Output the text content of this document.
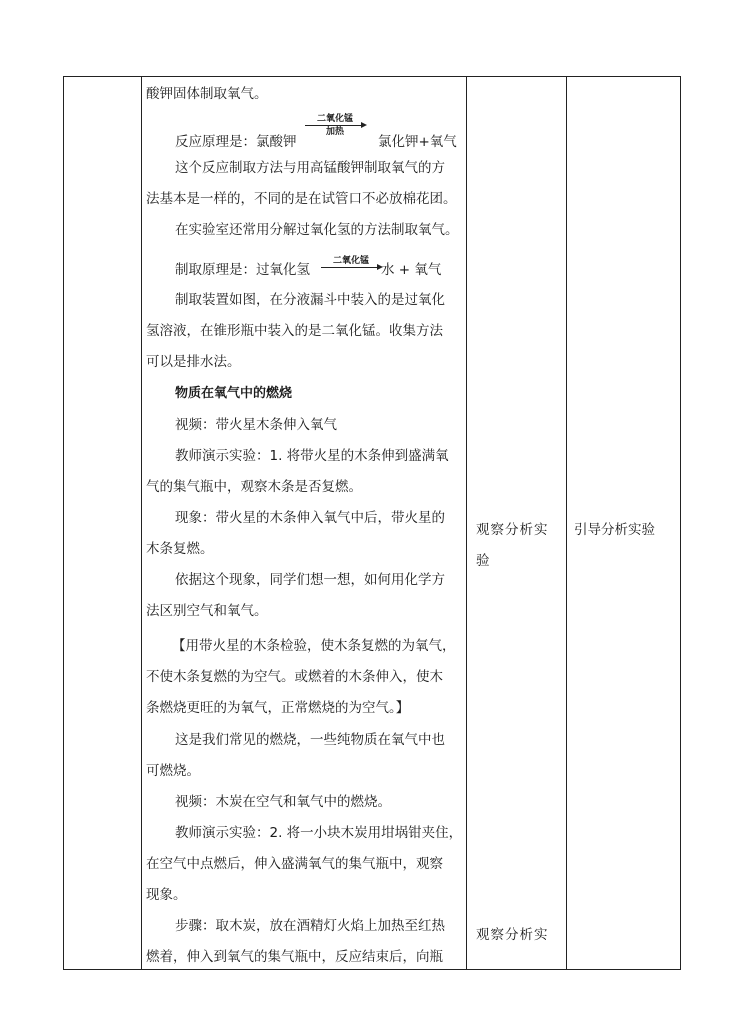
酸钾固体制取氧气。
反应原理是：氯酸钾
二氧化锰
加热
氯化钾+氧气
这个反应制取方法与用高锰酸钾制取氧气的方
法基本是一样的，不同的是在试管口不必放棉花团。
在实验室还常用分解过氧化氢的方法制取氧气。
制取原理是：过氧化氢
二氧化锰
水 + 氧气
制取装置如图，在分液漏斗中装入的是过氧化
氢溶液，在锥形瓶中装入的是二氧化锰。收集方法
可以是排水法。
物质在氧气中的燃烧
视频：带火星木条伸入氧气
教师演示实验：1. 将带火星的木条伸到盛满氧
气的集气瓶中，观察木条是否复燃。
现象：带火星的木条伸入氧气中后，带火星的
木条复燃。
依据这个现象，同学们想一想，如何用化学方
法区别空气和氧气。
【用带火星的木条检验，使木条复燃的为氧气，
不使木条复燃的为空气。或燃着的木条伸入，使木
条燃烧更旺的为氧气，正常燃烧的为空气。】
这是我们常见的燃烧，一些纯物质在氧气中也
可燃烧。
视频：木炭在空气和氧气中的燃烧。
教师演示实验：2. 将一小块木炭用坩埚钳夹住，
在空气中点燃后，伸入盛满氧气的集气瓶中，观察
现象。
步骤：取木炭，放在酒精灯火焰上加热至红热
燃着，伸入到氧气的集气瓶中，反应结束后，向瓶
观察分析实
验
观察分析实
引导分析实验
